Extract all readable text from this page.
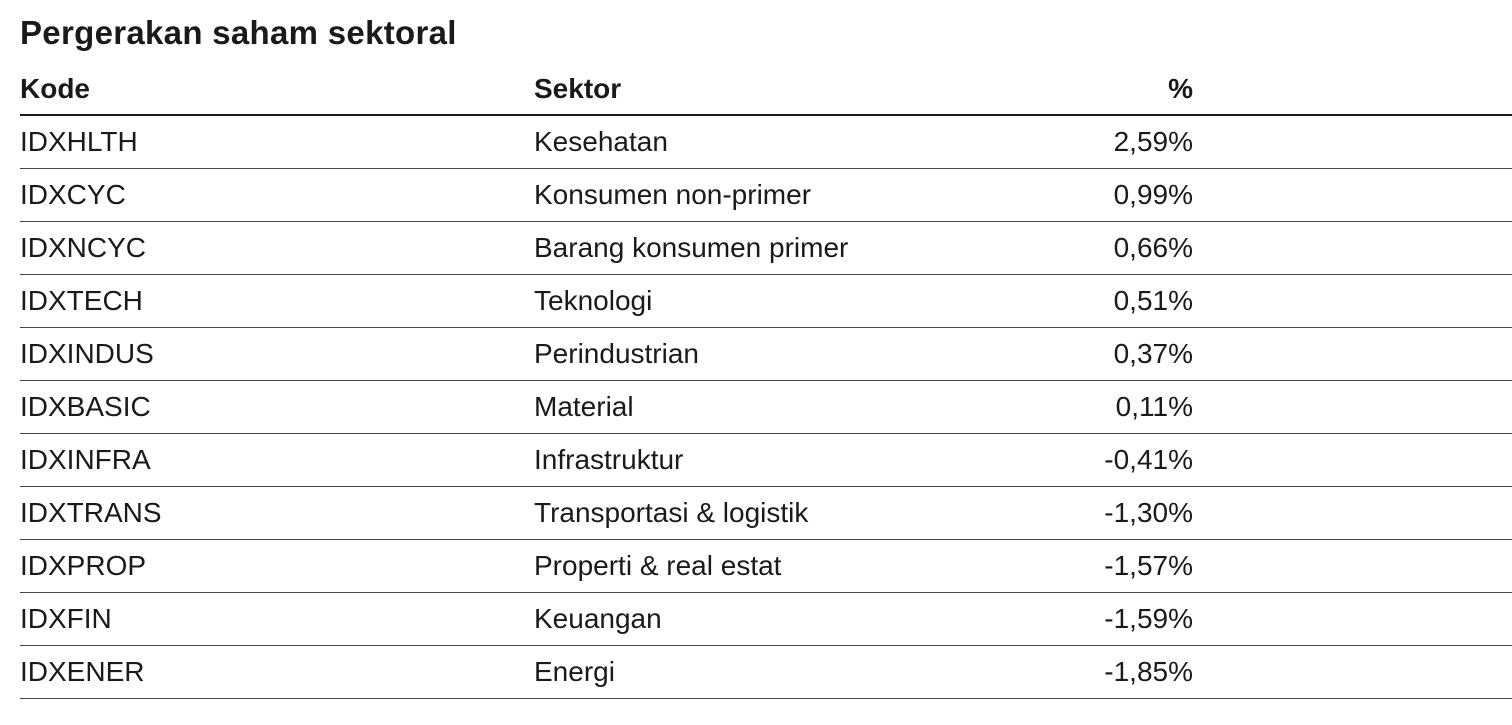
Pergerakan saham sektoral
Kode	Sektor	%
IDXHLTH	Kesehatan	2,59%
IDXCYC	Konsumen non-primer	0,99%
IDXNCYC	Barang konsumen primer	0,66%
IDXTECH	Teknologi	0,51%
IDXINDUS	Perindustrian	0,37%
IDXBASIC	Material	0,11%
IDXINFRA	Infrastruktur	-0,41%
IDXTRANS	Transportasi & logistik	-1,30%
IDXPROP	Properti & real estat	-1,57%
IDXFIN	Keuangan	-1,59%
IDXENER	Energi	-1,85%
